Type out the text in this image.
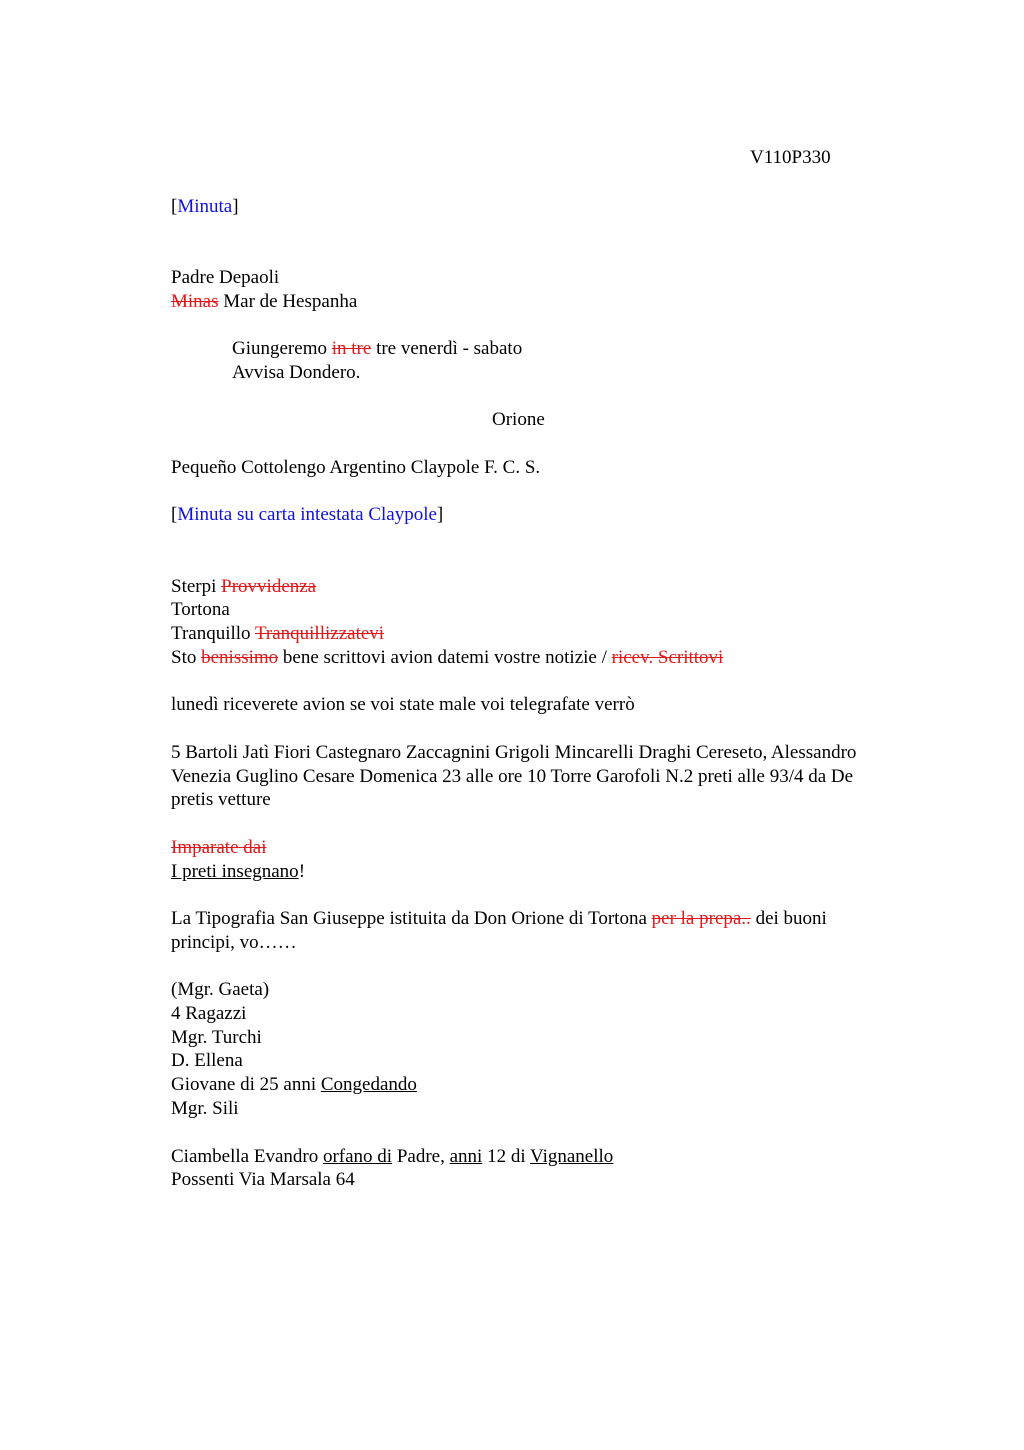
V110P330
[Minuta]
Padre Depaoli
Minas Mar de Hespanha
Giungeremo in tre tre venerdì - sabato
Avvisa Dondero.
Orione
Pequeño Cottolengo Argentino Claypole F. C. S.
[Minuta su carta intestata Claypole]
Sterpi Provvidenza
Tortona
Tranquillo Tranquillizzatevi
Sto benissimo bene scrittovi avion datemi vostre notizie / ricev. Scrittovi
lunedì riceverete avion se voi state male voi telegrafate verrò
5 Bartoli Jatì Fiori Castegnaro Zaccagnini Grigoli Mincarelli Draghi Cereseto, Alessandro
Venezia Guglino Cesare Domenica 23 alle ore 10 Torre Garofoli N.2 preti alle 93/4 da De
pretis vetture
Imparate dai
I preti insegnano!
La Tipografia San Giuseppe istituita da Don Orione di Tortona per la prepa.. dei buoni
principi, vo……
(Mgr. Gaeta)
4 Ragazzi
Mgr. Turchi
D. Ellena
Giovane di 25 anni Congedando
Mgr. Sili
Ciambella Evandro orfano di Padre, anni 12 di Vignanello
Possenti Via Marsala 64
